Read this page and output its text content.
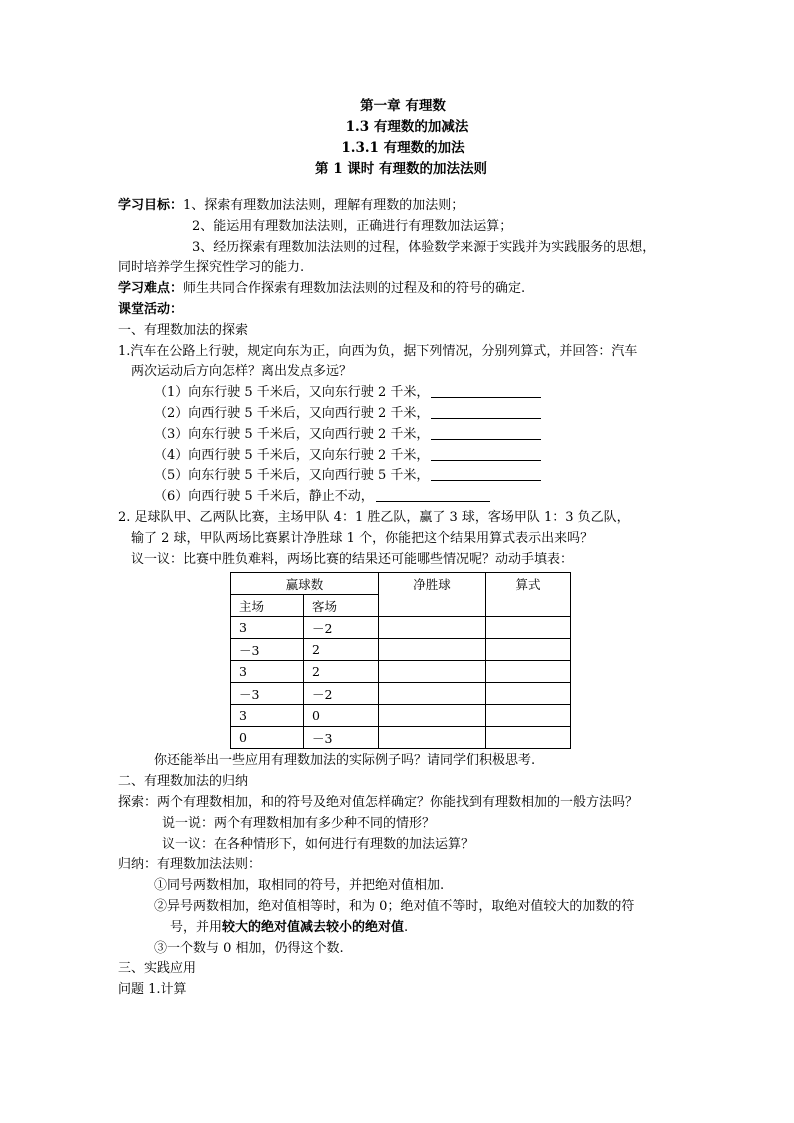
第一章 有理数
1.3 有理数的加减法
1.3.1 有理数的加法
第 1 课时 有理数的加法法则
学习目标：1、探索有理数加法法则，理解有理数的加法则；
2、能运用有理数加法法则，正确进行有理数加法运算；
3、经历探索有理数加法法则的过程，体验数学来源于实践并为实践服务的思想，
同时培养学生探究性学习的能力.
学习难点：师生共同合作探索有理数加法法则的过程及和的符号的确定.
课堂活动：
一、有理数加法的探索
1.汽车在公路上行驶，规定向东为正，向西为负，据下列情况，分别列算式，并回答：汽车
两次运动后方向怎样？离出发点多远？
（1）向东行驶 5 千米后，又向东行驶 2 千米，
（2）向西行驶 5 千米后，又向西行驶 2 千米，
（3）向东行驶 5 千米后，又向西行驶 2 千米，
（4）向西行驶 5 千米后，又向东行驶 2 千米，
（5）向东行驶 5 千米后，又向西行驶 5 千米，
（6）向西行驶 5 千米后，静止不动，
2. 足球队甲、乙两队比赛，主场甲队 4：1 胜乙队，赢了 3 球，客场甲队 1：3 负乙队，
输了 2 球，甲队两场比赛累计净胜球 1 个，你能把这个结果用算式表示出来吗？
议一议：比赛中胜负难料，两场比赛的结果还可能哪些情况呢？动动手填表：
赢球数		净胜球	算式
主场	客场		
3	－2		
－3	2		
3	2		
－3	－2		
3	0		
0	－3		
你还能举出一些应用有理数加法的实际例子吗？请同学们积极思考.
二、有理数加法的归纳
探索：两个有理数相加，和的符号及绝对值怎样确定？你能找到有理数相加的一般方法吗？
说一说：两个有理数相加有多少种不同的情形？
议一议：在各种情形下，如何进行有理数的加法运算？
归纳：有理数加法法则：
①同号两数相加，取相同的符号，并把绝对值相加.
②异号两数相加，绝对值相等时，和为 0；绝对值不等时，取绝对值较大的加数的符
号，并用较大的绝对值减去较小的绝对值.
③一个数与 0 相加，仍得这个数.
三、实践应用
问题 1.计算
